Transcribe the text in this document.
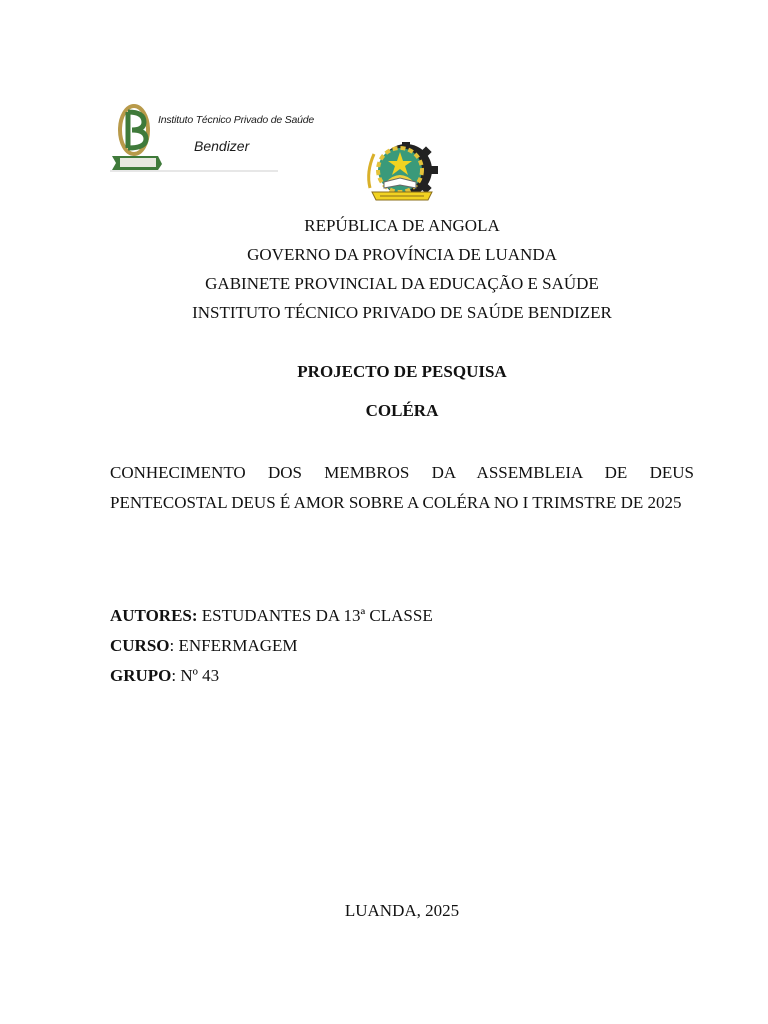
Instituto Técnico Privado de Saúde
Bendizer
REPÚBLICA DE ANGOLA
GOVERNO DA PROVÍNCIA DE LUANDA
GABINETE PROVINCIAL DA EDUCAÇÃO E SAÚDE
INSTITUTO TÉCNICO PRIVADO DE SAÚDE BENDIZER
PROJECTO DE PESQUISA
COLÉRA
CONHECIMENTO DOS MEMBROS DA ASSEMBLEIA DE DEUS PENTECOSTAL DEUS É AMOR SOBRE A COLÉRA NO I TRIMSTRE DE 2025
AUTORES: ESTUDANTES DA 13ª CLASSE
CURSO: ENFERMAGEM
GRUPO: Nº 43
LUANDA, 2025
